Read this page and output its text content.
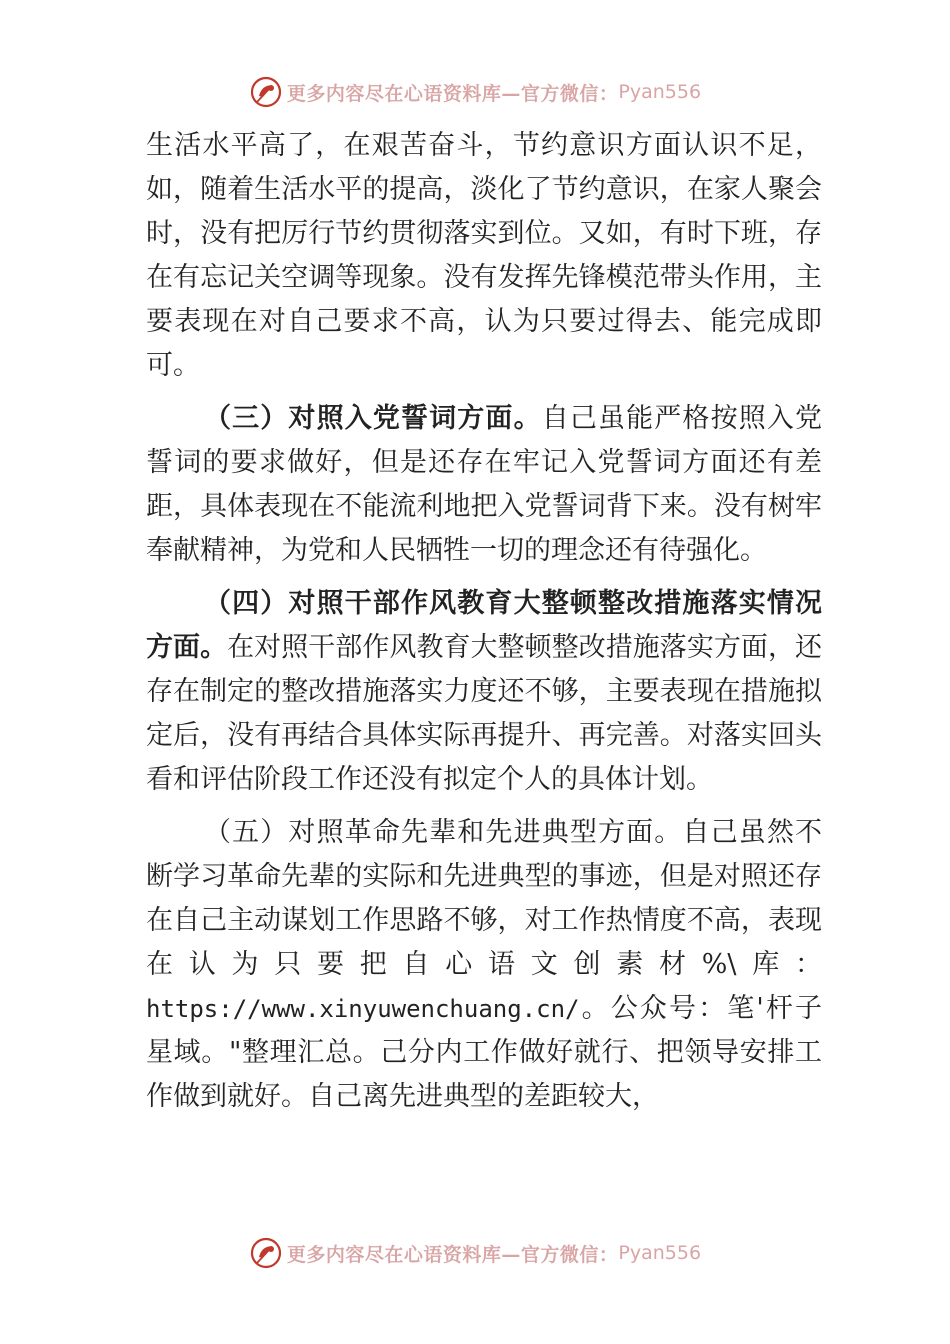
更多内容尽在心语资料库—官方微信： Pyan556

生活水平高了，在艰苦奋斗，节约意识方面认识不足，如，随着生活水平的提高，淡化了节约意识，在家人聚会时，没有把厉行节约贯彻落实到位。又如，有时下班，存在有忘记关空调等现象。没有发挥先锋模范带头作用，主要表现在对自己要求不高，认为只要过得去、能完成即可。

（三）对照入党誓词方面。自己虽能严格按照入党誓词的要求做好，但是还存在牢记入党誓词方面还有差距，具体表现在不能流利地把入党誓词背下来。没有树牢奉献精神，为党和人民牺牲一切的理念还有待强化。

（四）对照干部作风教育大整顿整改措施落实情况方面。在对照干部作风教育大整顿整改措施落实方面，还存在制定的整改措施落实力度还不够，主要表现在措施拟定后，没有再结合具体实际再提升、再完善。对落实回头看和评估阶段工作还没有拟定个人的具体计划。

（五）对照革命先辈和先进典型方面。自己虽然不断学习革命先辈的实际和先进典型的事迹，但是对照还存在自己主动谋划工作思路不够，对工作热情度不高，表现在认为只要把自心语文创素材%\库：https://www.xinyuwenchuang.cn/。公众号：笔'杆子星域。"整理汇总。己分内工作做好就行、把领导安排工作做到就好。自己离先进典型的差距较大，

更多内容尽在心语资料库—官方微信： Pyan556
